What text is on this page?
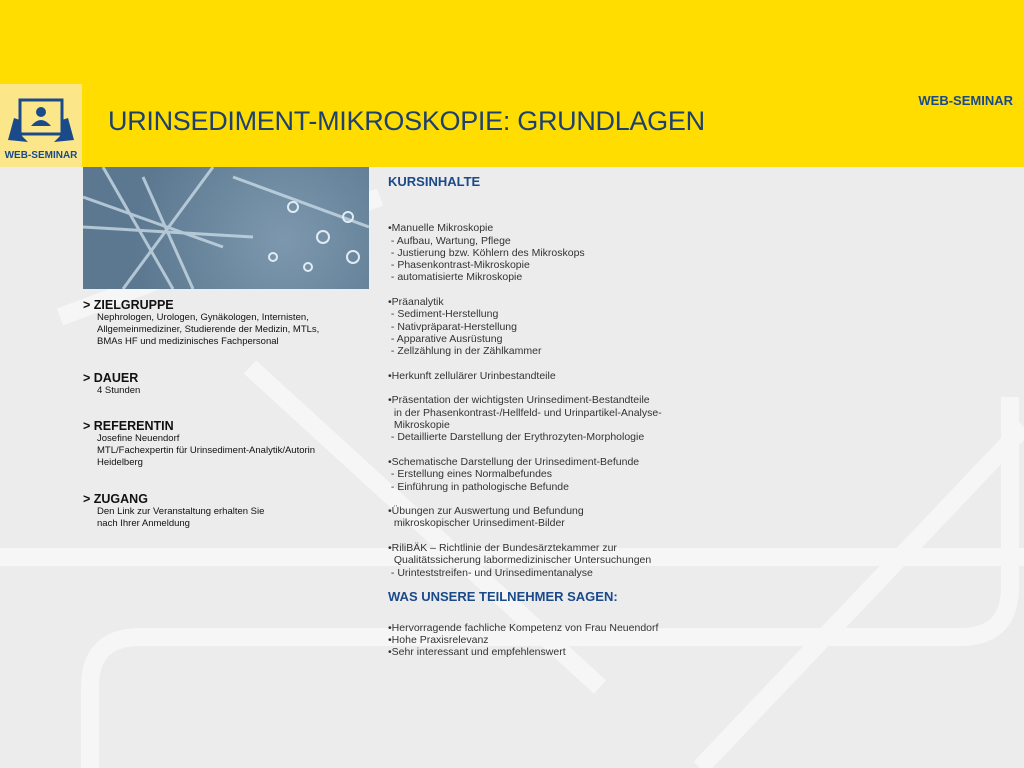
WEB-SEMINAR
URINSEDIMENT-MIKROSKOPIE: GRUNDLAGEN
WEB-SEMINAR
> ZIELGRUPPE

Nephrologen, Urologen, Gynäkologen, Internisten,

Allgemeinmediziner, Studierende der Medizin, MTLs,

BMAs HF und medizinisches Fachpersonal

> DAUER

4 Stunden

> REFERENTIN

Josefine Neuendorf

MTL/Fachexpertin für Urinsediment-Analytik/Autorin

Heidelberg

> ZUGANG

Den Link zur Veranstaltung erhalten Sie

nach Ihrer Anmeldung

KURSINHALTE
•Manuelle Mikroskopie
- Aufbau, Wartung, Pflege
- Justierung bzw. Köhlern des Mikroskops
- Phasenkontrast-Mikroskopie
- automatisierte Mikroskopie
•Präanalytik
- Sediment-Herstellung
- Nativpräparat-Herstellung
- Apparative Ausrüstung
- Zellzählung in der Zählkammer
•Herkunft zellulärer Urinbestandteile
•Präsentation der wichtigsten Urinsediment-Bestandteile
in der Phasenkontrast-/Hellfeld- und Urinpartikel-Analyse-
Mikroskopie
- Detaillierte Darstellung der Erythrozyten-Morphologie
•Schematische Darstellung der Urinsediment-Befunde
- Erstellung eines Normalbefundes
- Einführung in pathologische Befunde
•Übungen zur Auswertung und Befundung
mikroskopischer Urinsediment-Bilder
•RiliBÄK – Richtlinie der Bundesärztekammer zur
Qualitätssicherung labormedizinischer Untersuchungen
- Urinteststreifen- und Urinsedimentanalyse
WAS UNSERE TEILNEHMER SAGEN:
•Hervorragende fachliche Kompetenz von Frau Neuendorf
•Hohe Praxisrelevanz
•Sehr interessant und empfehlenswert
